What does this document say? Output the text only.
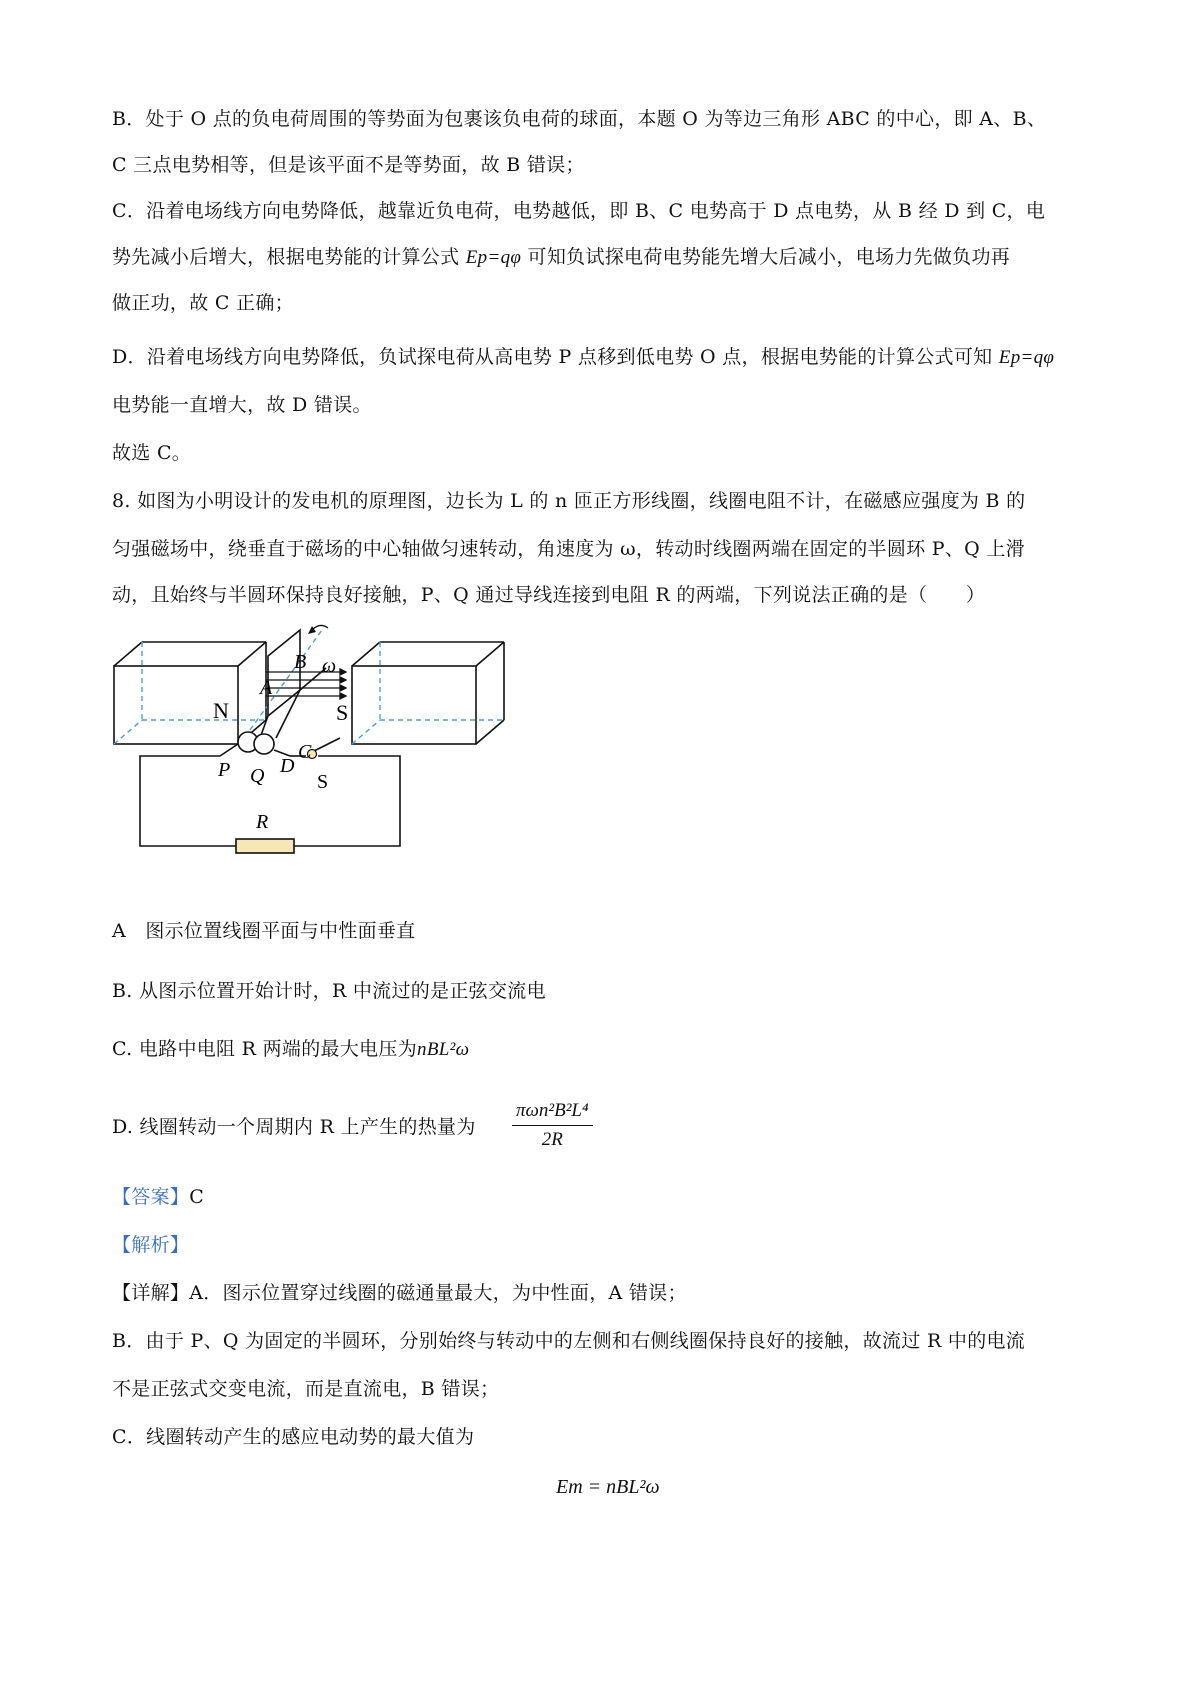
B．处于 O 点的负电荷周围的等势面为包裹该负电荷的球面，本题 O 为等边三角形 ABC 的中心，即 A、B、
C 三点电势相等，但是该平面不是等势面，故 B 错误；
C．沿着电场线方向电势降低，越靠近负电荷，电势越低，即 B、C 电势高于 D 点电势，从 B 经 D 到 C，电
势先减小后增大，根据电势能的计算公式 Ep=qφ 可知负试探电荷电势能先增大后减小，电场力先做负功再
做正功，故 C 正确；
D．沿着电场线方向电势降低，负试探电荷从高电势 P 点移到低电势 O 点，根据电势能的计算公式可知 Ep=qφ
电势能一直增大，故 D 错误。
故选 C。
8. 如图为小明设计的发电机的原理图，边长为 L 的 n 匝正方形线圈，线圈电阻不计，在磁感应强度为 B 的
匀强磁场中，绕垂直于磁场的中心轴做匀速转动，角速度为 ω，转动时线圈两端在固定的半圆环 P、Q 上滑
动，且始终与半圆环保持良好接触，P、Q 通过导线连接到电阻 R 的两端，下列说法正确的是（　　）
N	S
A
B ω
C
D
P Q	S
R
A　图示位置线圈平面与中性面垂直
B. 从图示位置开始计时，R 中流过的是正弦交流电
C. 电路中电阻 R 两端的最大电压为nBL²ω
D. 线圈转动一个周期内 R 上产生的热量为
πωn²B²L⁴
2R
【答案】C
【解析】
【详解】A．图示位置穿过线圈的磁通量最大，为中性面，A 错误；
B．由于 P、Q 为固定的半圆环，分别始终与转动中的左侧和右侧线圈保持良好的接触，故流过 R 中的电流
不是正弦式交变电流，而是直流电，B 错误；
C．线圈转动产生的感应电动势的最大值为
Em = nBL²ω
